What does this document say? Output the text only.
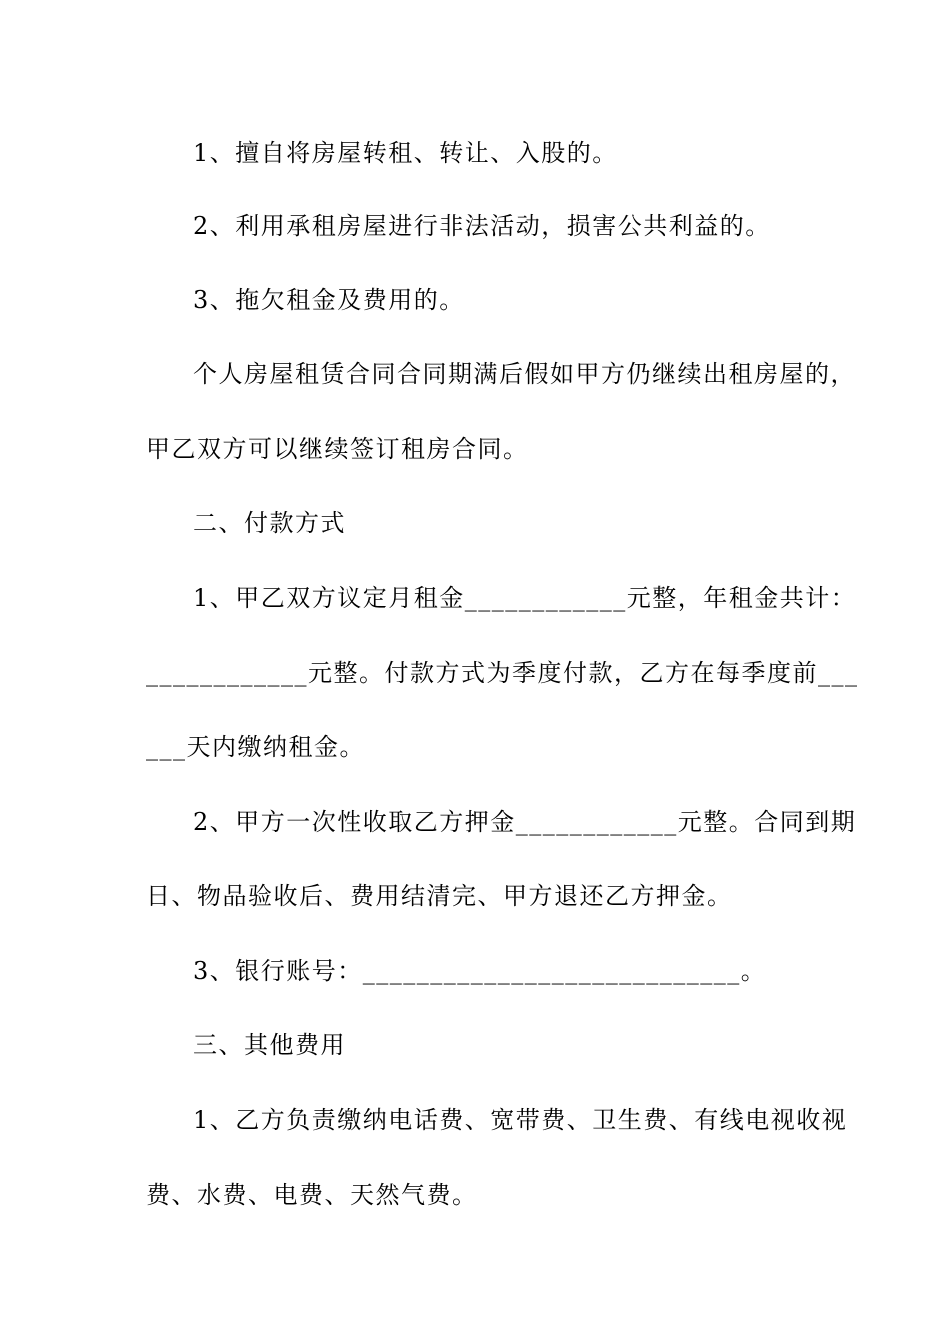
1、擅自将房屋转租、转让、入股的。
2、利用承租房屋进行非法活动，损害公共利益的。
3、拖欠租金及费用的。
个人房屋租赁合同合同期满后假如甲方仍继续出租房屋的，
甲乙双方可以继续签订租房合同。
二、付款方式
1、甲乙双方议定月租金____________元整，年租金共计：
____________元整。付款方式为季度付款，乙方在每季度前___
___天内缴纳租金。
2、甲方一次性收取乙方押金____________元整。合同到期
日、物品验收后、费用结清完、甲方退还乙方押金。
3、银行账号：____________________________。
三、其他费用
1、乙方负责缴纳电话费、宽带费、卫生费、有线电视收视
费、水费、电费、天然气费。
